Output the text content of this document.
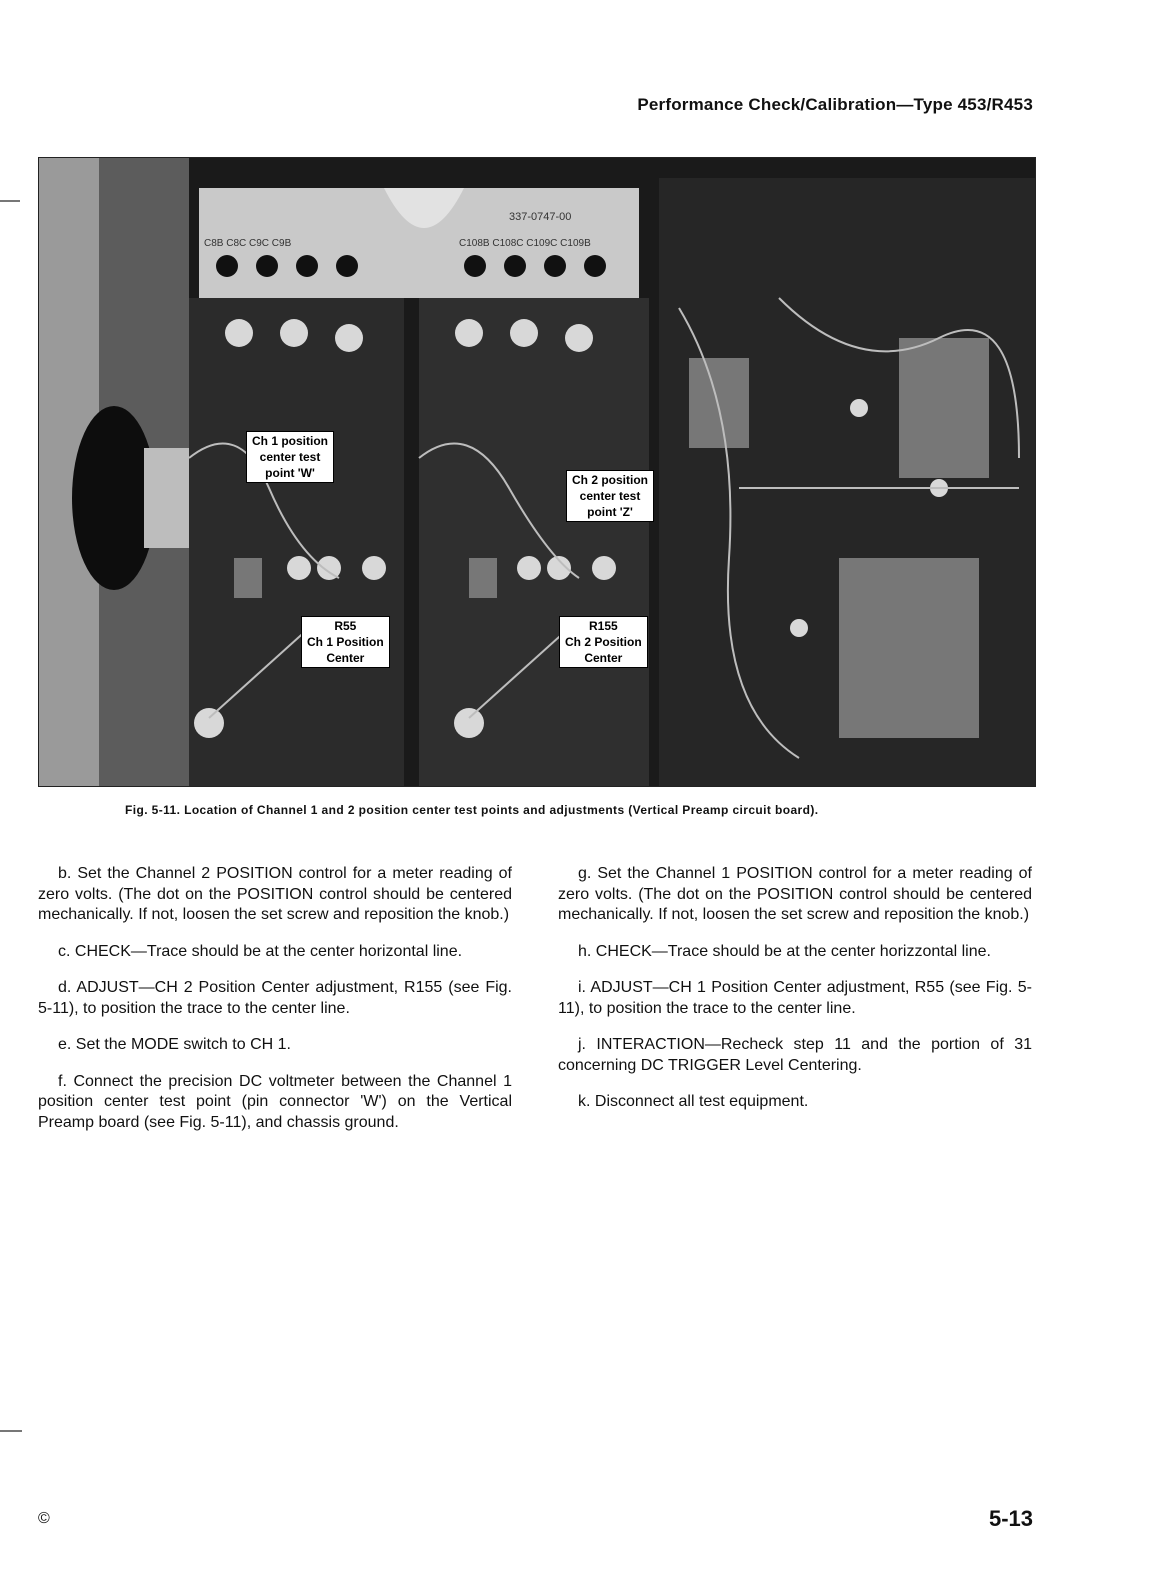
Performance Check/Calibration—Type 453/R453
337-0747-00
C8B C8C C9C C9B	C108B C108C C109C C109B
Ch 1 position
center test
point 'W'	Ch 2 position
center test
point 'Z'
R55
Ch 1 Position
Center
R155
Ch 2 Position
Center
Fig. 5-11. Location of Channel 1 and 2 position center test points and adjustments (Vertical Preamp circuit board).

b. Set the Channel 2 POSITION control for a meter reading of zero volts. (The dot on the POSITION control should be centered mechanically. If not, loosen the set screw and reposition the knob.)

c. CHECK—Trace should be at the center horizontal line.

d. ADJUST—CH 2 Position Center adjustment, R155 (see Fig. 5-11), to position the trace to the center line.

e. Set the MODE switch to CH 1.

f. Connect the precision DC voltmeter between the Channel 1 position center test point (pin connector 'W') on the Vertical Preamp board (see Fig. 5-11), and chassis ground.

g. Set the Channel 1 POSITION control for a meter reading of zero volts. (The dot on the POSITION control should be centered mechanically. If not, loosen the set screw and reposition the knob.)

h. CHECK—Trace should be at the center horizzontal line.

i. ADJUST—CH 1 Position Center adjustment, R55 (see Fig. 5-11), to position the trace to the center line.

j. INTERACTION—Recheck step 11 and the portion of 31 concerning DC TRIGGER Level Centering.

k. Disconnect all test equipment.

©	5-13
